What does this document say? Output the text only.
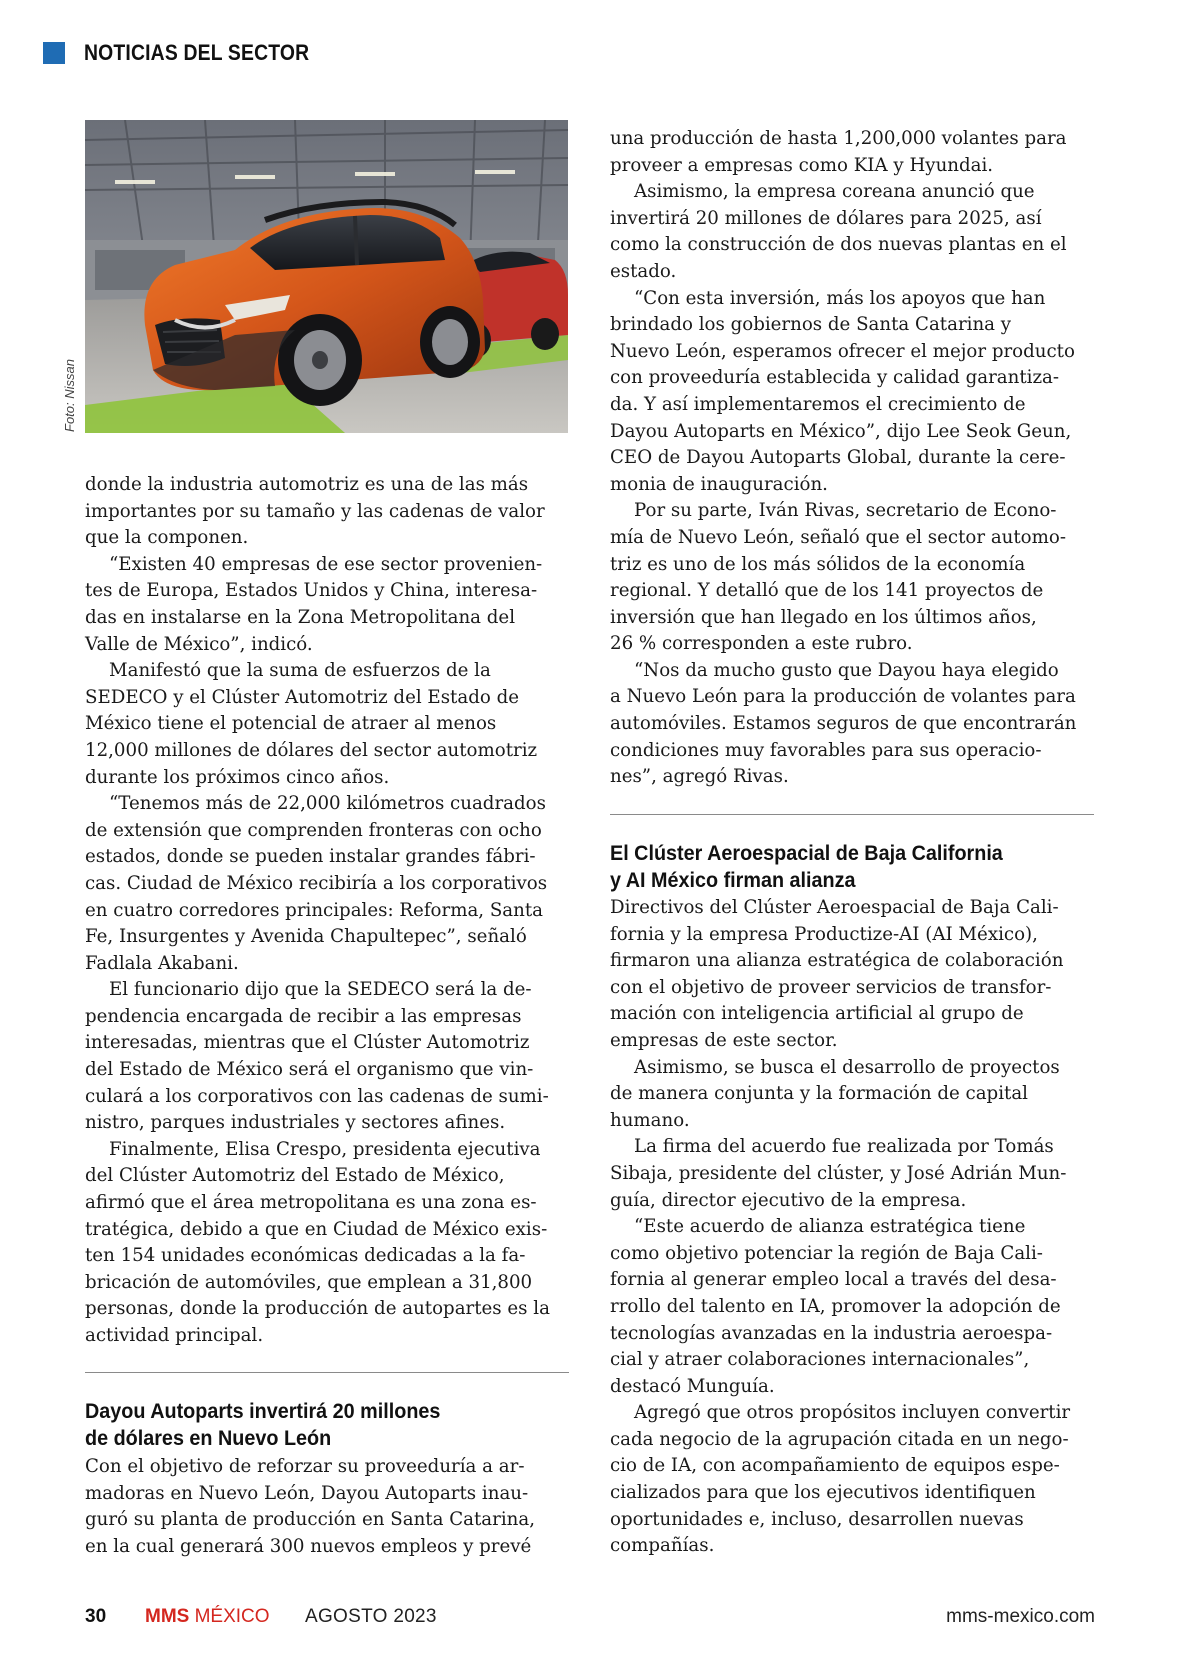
NOTICIAS DEL SECTOR
Foto: Nissan
donde la industria automotriz es una de las más
importantes por su tamaño y las cadenas de valor
que la componen.
“Existen 40 empresas de ese sector provenien-
tes de Europa, Estados Unidos y China, interesa-
das en instalarse en la Zona Metropolitana del
Valle de México”, indicó.
Manifestó que la suma de esfuerzos de la
SEDECO y el Clúster Automotriz del Estado de
México tiene el potencial de atraer al menos
12,000 millones de dólares del sector automotriz
durante los próximos cinco años.
“Tenemos más de 22,000 kilómetros cuadrados
de extensión que comprenden fronteras con ocho
estados, donde se pueden instalar grandes fábri-
cas. Ciudad de México recibiría a los corporativos
en cuatro corredores principales: Reforma, Santa
Fe, Insurgentes y Avenida Chapultepec”, señaló
Fadlala Akabani.
El funcionario dijo que la SEDECO será la de-
pendencia encargada de recibir a las empresas
interesadas, mientras que el Clúster Automotriz
del Estado de México será el organismo que vin-
culará a los corporativos con las cadenas de sumi-
nistro, parques industriales y sectores afines.
Finalmente, Elisa Crespo, presidenta ejecutiva
del Clúster Automotriz del Estado de México,
afirmó que el área metropolitana es una zona es-
tratégica, debido a que en Ciudad de México exis-
ten 154 unidades económicas dedicadas a la fa-
bricación de automóviles, que emplean a 31,800
personas, donde la producción de autopartes es la
actividad principal.
Dayou Autoparts invertirá 20 millones
de dólares en Nuevo León
Con el objetivo de reforzar su proveeduría a ar-
madoras en Nuevo León, Dayou Autoparts inau-
guró su planta de producción en Santa Catarina,
en la cual generará 300 nuevos empleos y prevé
una producción de hasta 1,200,000 volantes para
proveer a empresas como KIA y Hyundai.
Asimismo, la empresa coreana anunció que
invertirá 20 millones de dólares para 2025, así
como la construcción de dos nuevas plantas en el
estado.
“Con esta inversión, más los apoyos que han
brindado los gobiernos de Santa Catarina y
Nuevo León, esperamos ofrecer el mejor producto
con proveeduría establecida y calidad garantiza-
da. Y así implementaremos el crecimiento de
Dayou Autoparts en México”, dijo Lee Seok Geun,
CEO de Dayou Autoparts Global, durante la cere-
monia de inauguración.
Por su parte, Iván Rivas, secretario de Econo-
mía de Nuevo León, señaló que el sector automo-
triz es uno de los más sólidos de la economía
regional. Y detalló que de los 141 proyectos de
inversión que han llegado en los últimos años,
26 % corresponden a este rubro.
“Nos da mucho gusto que Dayou haya elegido
a Nuevo León para la producción de volantes para
automóviles. Estamos seguros de que encontrarán
condiciones muy favorables para sus operacio-
nes”, agregó Rivas.
El Clúster Aeroespacial de Baja California
y AI México firman alianza
Directivos del Clúster Aeroespacial de Baja Cali-
fornia y la empresa Productize-AI (AI México),
firmaron una alianza estratégica de colaboración
con el objetivo de proveer servicios de transfor-
mación con inteligencia artificial al grupo de
empresas de este sector.
Asimismo, se busca el desarrollo de proyectos
de manera conjunta y la formación de capital
humano.
La firma del acuerdo fue realizada por Tomás
Sibaja, presidente del clúster, y José Adrián Mun-
guía, director ejecutivo de la empresa.
“Este acuerdo de alianza estratégica tiene
como objetivo potenciar la región de Baja Cali-
fornia al generar empleo local a través del desa-
rrollo del talento en IA, promover la adopción de
tecnologías avanzadas en la industria aeroespa-
cial y atraer colaboraciones internacionales”,
destacó Munguía.
Agregó que otros propósitos incluyen convertir
cada negocio de la agrupación citada en un nego-
cio de IA, con acompañamiento de equipos espe-
cializados para que los ejecutivos identifiquen
oportunidades e, incluso, desarrollen nuevas
compañías.
30 MMS MÉXICO AGOSTO 2023	mms-mexico.com
